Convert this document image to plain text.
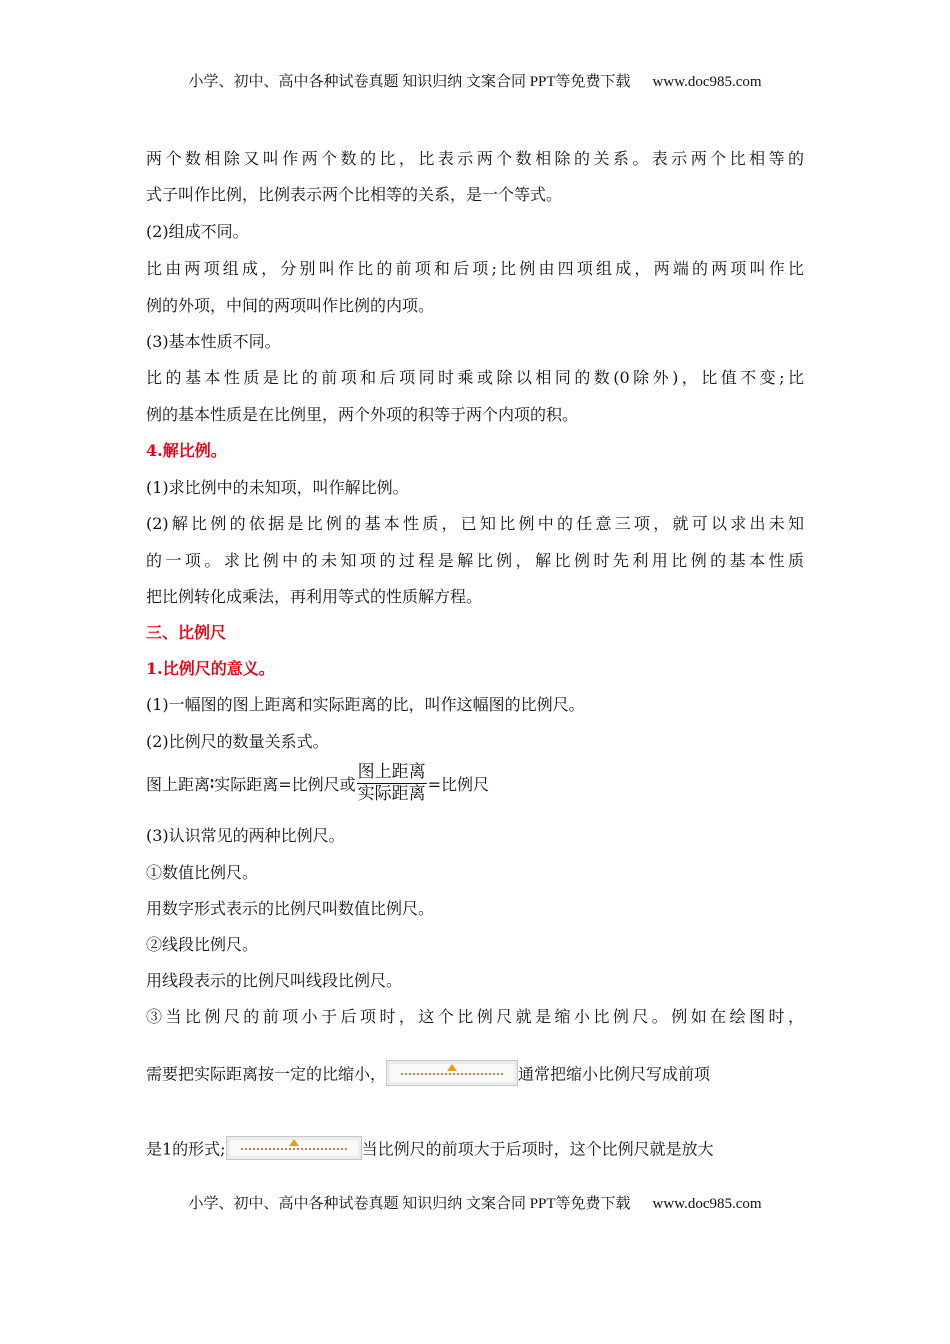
小学、初中、高中各种试卷真题 知识归纳 文案合同 PPT等免费下载 www.doc985.com
两个数相除又叫作两个数的比，比表示两个数相除的关系。表示两个比相等的
式子叫作比例，比例表示两个比相等的关系，是一个等式。
(2)组成不同。
比由两项组成，分别叫作比的前项和后项;比例由四项组成，两端的两项叫作比
例的外项，中间的两项叫作比例的内项。
(3)基本性质不同。
比的基本性质是比的前项和后项同时乘或除以相同的数(0除外)，比值不变;比
例的基本性质是在比例里，两个外项的积等于两个内项的积。
4.解比例。
(1)求比例中的未知项，叫作解比例。
(2)解比例的依据是比例的基本性质，已知比例中的任意三项，就可以求出未知
的一项。求比例中的未知项的过程是解比例，解比例时先利用比例的基本性质
把比例转化成乘法，再利用等式的性质解方程。
三、比例尺
1.比例尺的意义。
(1)一幅图的图上距离和实际距离的比，叫作这幅图的比例尺。
(2)比例尺的数量关系式。
图上距离∶实际距离=比例尺或 $\frac{\text{图上距离}}{\text{实际距离}}$ =比例尺
(3)认识常见的两种比例尺。
①数值比例尺。
用数字形式表示的比例尺叫数值比例尺。
②线段比例尺。
用线段表示的比例尺叫线段比例尺。
③当比例尺的前项小于后项时，这个比例尺就是缩小比例尺。例如在绘图时，
需要把实际距离按一定的比缩小，	通常把缩小比例尺写成前项
是1的形式;	当比例尺的前项大于后项时，这个比例尺就是放大
小学、初中、高中各种试卷真题 知识归纳 文案合同 PPT等免费下载 www.doc985.com
